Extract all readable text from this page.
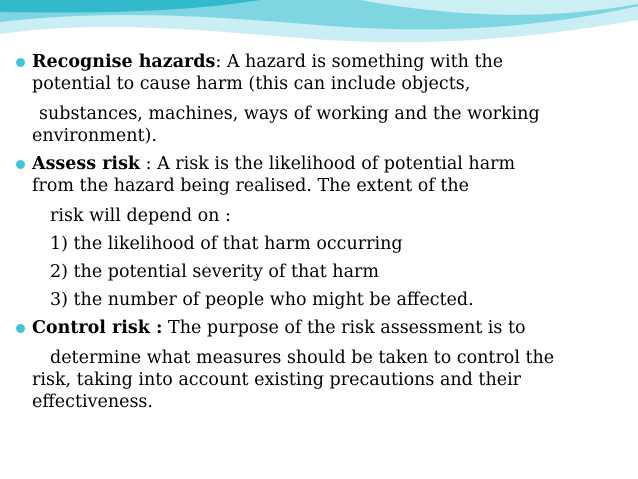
Recognise hazards: A hazard is something with the
potential to cause harm (this can include objects,
substances, machines, ways of working and the working
environment).
Assess risk : A risk is the likelihood of potential harm
from the hazard being realised. The extent of the
risk will depend on :
1) the likelihood of that harm occurring
2) the potential severity of that harm
3) the number of people who might be affected.
Control risk : The purpose of the risk assessment is to
determine what measures should be taken to control the
risk, taking into account existing precautions and their
effectiveness.
